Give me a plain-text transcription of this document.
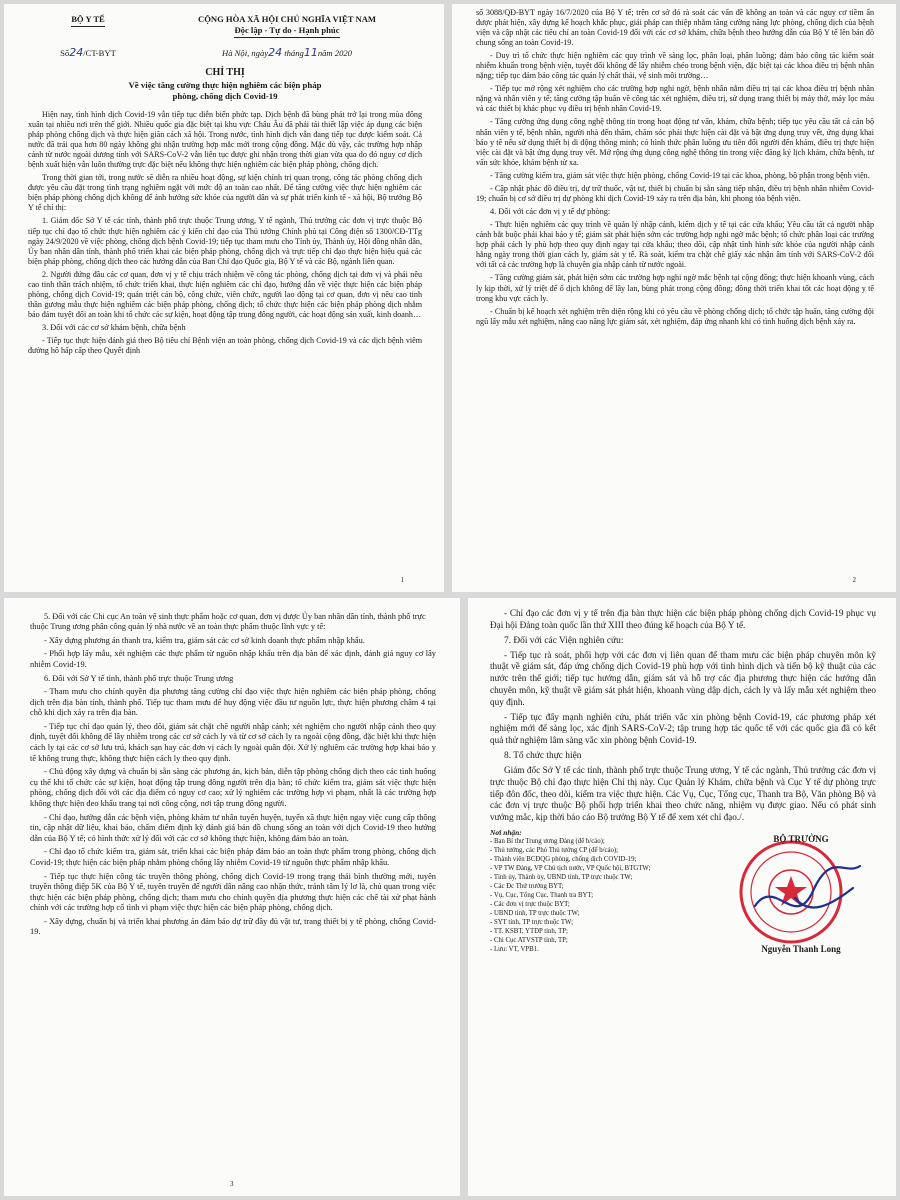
BỘ Y TẾ	CỘNG HÒA XÃ HỘI CHỦ NGHĨA VIỆT NAM
Độc lập - Tự do - Hạnh phúc
Số24/CT-BYT	Hà Nội, ngày24 tháng11năm 2020
CHỈ THỊ
Về việc tăng cường thực hiện nghiêm các biện pháp
phòng, chống dịch Covid-19

Hiện nay, tình hình dịch Covid-19 vẫn tiếp tục diễn biến phức tạp. Dịch bệnh đã bùng phát trở lại trong mùa đông xuân tại nhiều nơi trên thế giới. Nhiều quốc gia đặc biệt tại khu vực Châu Âu đã phải tái thiết lập việc áp dụng các biện pháp phòng chống dịch và thực hiện giãn cách xã hội. Trong nước, tình hình dịch vẫn đang tiếp tục được kiểm soát. Cả nước đã trải qua hơn 80 ngày không ghi nhận trường hợp mắc mới trong cộng đồng. Mặc dù vậy, các trường hợp nhập cảnh từ nước ngoài dương tính với SARS-CoV-2 vẫn liên tục được ghi nhận trong thời gian vừa qua do đó nguy cơ dịch bệnh xuất hiện vẫn luôn thường trực đặc biệt nếu không thực hiện nghiêm các biện pháp phòng, chống dịch.

Trong thời gian tới, trong nước sẽ diễn ra nhiều hoạt động, sự kiện chính trị quan trọng, công tác phòng chống dịch được yêu cầu đặt trong tình trạng nghiêm ngặt với mức độ an toàn cao nhất. Để tăng cường việc thực hiện nghiêm các biện pháp phòng chống dịch không để ảnh hưởng sức khỏe của người dân và sự phát triển kinh tế - xã hội, Bộ trưởng Bộ Y tế chỉ thị:

1. Giám đốc Sở Y tế các tỉnh, thành phố trực thuộc Trung ương, Y tế ngành, Thủ trưởng các đơn vị trực thuộc Bộ tiếp tục chỉ đạo tổ chức thực hiện nghiêm các ý kiến chỉ đạo của Thủ tướng Chính phủ tại Công điện số 1300/CĐ-TTg ngày 24/9/2020 về việc phòng, chống dịch bệnh Covid-19; tiếp tục tham mưu cho Tỉnh ủy, Thành ủy, Hội đồng nhân dân, Ủy ban nhân dân tỉnh, thành phố triển khai các biện pháp phòng, chống dịch và trực tiếp chỉ đạo thực hiện hiệu quả các biện pháp phòng, chống dịch theo các hướng dẫn của Ban Chỉ đạo Quốc gia, Bộ Y tế và các Bộ, ngành liên quan.

2. Người đứng đầu các cơ quan, đơn vị y tế chịu trách nhiệm về công tác phòng, chống dịch tại đơn vị và phải nêu cao tinh thần trách nhiệm, tổ chức triển khai, thực hiện nghiêm các chỉ đạo, hướng dẫn về việc thực hiện các biện pháp phòng, chống dịch Covid-19; quán triệt cán bộ, công chức, viên chức, người lao động tại cơ quan, đơn vị nêu cao tinh thần gương mẫu thực hiện nghiêm các biện pháp phòng, chống dịch; tổ chức thực hiện các biện pháp phòng dịch nhằm bảo đảm tuyệt đối an toàn khi tổ chức các sự kiện, hoạt động tập trung đông người, các hoạt động sản xuất, kinh doanh…

3. Đối với các cơ sở khám bệnh, chữa bệnh

- Tiếp tục thực hiện đánh giá theo Bộ tiêu chí Bệnh viện an toàn phòng, chống dịch Covid-19 và các dịch bệnh viêm đường hô hấp cấp theo Quyết định

1

số 3088/QĐ-BYT ngày 16/7/2020 của Bộ Y tế; trên cơ sở đó rà soát các vấn đề không an toàn và các nguy cơ tiềm ẩn được phát hiện, xây dựng kế hoạch khắc phục, giải pháp can thiệp nhằm tăng cường năng lực phòng, chống dịch của bệnh viện và cập nhật các tiêu chí an toàn Covid-19 đối với các cơ sở khám, chữa bệnh theo hướng dẫn của Bộ Y tế lên bản đồ chung sống an toàn Covid-19.

- Duy trì tổ chức thực hiện nghiêm các quy trình về sàng lọc, phân loại, phân luồng; đảm bảo công tác kiểm soát nhiễm khuẩn trong bệnh viện, tuyệt đối không để lây nhiễm chéo trong bệnh viện, đặc biệt tại các khoa điều trị bệnh nhân nặng; tiếp tục đảm bảo công tác quản lý chất thải, vệ sinh môi trường…

- Tiếp tục mở rộng xét nghiệm cho các trường hợp nghi ngờ, bệnh nhân nằm điều trị tại các khoa điều trị bệnh nhân nặng và nhân viên y tế; tăng cường tập huấn về công tác xét nghiệm, điều trị, sử dụng trang thiết bị máy thở, máy lọc máu và các thiết bị khác phục vụ điều trị bệnh nhân Covid-19.

- Tăng cường ứng dụng công nghệ thông tin trong hoạt động tư vấn, khám, chữa bệnh; tiếp tục yêu cầu tất cả cán bộ nhân viên y tế, bệnh nhân, người nhà đến thăm, chăm sóc phải thực hiện cài đặt và bật ứng dụng truy vết, ứng dụng khai báo y tế nếu sử dụng thiết bị di động thông minh; có hình thức phân luồng ưu tiên đối người đến khám, điều trị thực hiện việc cài đặt và bật ứng dụng truy vết. Mở rộng ứng dụng công nghệ thông tin trong việc đăng ký lịch khám, chữa bệnh, tư vấn sức khỏe, khám bệnh từ xa.

- Tăng cường kiểm tra, giám sát việc thực hiện phòng, chống Covid-19 tại các khoa, phòng, bộ phận trong bệnh viện.

- Cập nhật phác đồ điều trị, dự trữ thuốc, vật tư, thiết bị chuẩn bị sẵn sàng tiếp nhận, điều trị bệnh nhân nhiễm Covid-19; chuẩn bị cơ sở điều trị dự phòng khi dịch Covid-19 xảy ra trên địa bàn, khi phong tỏa bệnh viện.

4. Đối với các đơn vị y tế dự phòng:

- Thực hiện nghiêm các quy trình về quản lý nhập cảnh, kiểm dịch y tế tại các cửa khẩu; Yêu cầu tất cả người nhập cảnh bắt buộc phải khai báo y tế; giám sát phát hiện sớm các trường hợp nghi ngờ mắc bệnh; tổ chức phân loại các trường hợp phải cách ly phù hợp theo quy định ngay tại cửa khẩu; theo dõi, cập nhật tình hình sức khỏe của người nhập cảnh hằng ngày trong thời gian cách ly, giám sát y tế. Rà soát, kiểm tra chặt chẽ giấy xác nhận âm tính với SARS-CoV-2 đối với tất cả các trường hợp là chuyên gia nhập cảnh từ nước ngoài.

- Tăng cường giám sát, phát hiện sớm các trường hợp nghi ngờ mắc bệnh tại cộng đồng; thực hiện khoanh vùng, cách ly kịp thời, xử lý triệt để ổ dịch không để lây lan, bùng phát trong cộng đồng; đồng thời triển khai tốt các hoạt động y tế trong khu vực cách ly.

- Chuẩn bị kế hoạch xét nghiệm trên diện rộng khi có yêu cầu về phòng chống dịch; tổ chức tập huấn, tăng cường đội ngũ lấy mẫu xét nghiệm, nâng cao năng lực giám sát, xét nghiệm, đáp ứng nhanh khi có tình huống dịch bệnh xảy ra.

2

5. Đối với các Chi cục An toàn vệ sinh thực phẩm hoặc cơ quan, đơn vị được Ủy ban nhân dân tỉnh, thành phố trực thuộc Trung ương phân công quản lý nhà nước về an toàn thực phẩm thuộc lĩnh vực y tế:

- Xây dựng phương án thanh tra, kiểm tra, giám sát các cơ sở kinh doanh thực phẩm nhập khẩu.

- Phối hợp lấy mẫu, xét nghiệm các thực phẩm từ nguồn nhập khẩu trên địa bàn để xác định, đánh giá nguy cơ lây nhiễm Covid-19.

6. Đối với Sở Y tế tỉnh, thành phố trực thuộc Trung ương

- Tham mưu cho chính quyền địa phương tăng cường chỉ đạo việc thực hiện nghiêm các biện pháp phòng, chống dịch trên địa bàn tỉnh, thành phố. Tiếp tục tham mưu để huy động việc đầu tư nguồn lực, thực hiện phương châm 4 tại chỗ khi dịch xảy ra trên địa bàn.

- Tiếp tục chỉ đạo quản lý, theo dõi, giám sát chặt chẽ người nhập cảnh; xét nghiệm cho người nhập cảnh theo quy định, tuyệt đối không để lây nhiễm trong các cơ sở cách ly và từ cơ sở cách ly ra ngoài cộng đồng, đặc biệt khi thực hiện cách ly tại các cơ sở lưu trú, khách sạn hay các đơn vị cách ly ngoài quân đội. Xử lý nghiêm các trường hợp khai báo y tế không trung thực, không thực hiện cách ly theo quy định.

- Chủ động xây dựng và chuẩn bị sẵn sàng các phương án, kịch bản, diễn tập phòng chống dịch theo các tình huống cụ thể khi tổ chức các sự kiện, hoạt động tập trung đông người trên địa bàn; tổ chức kiểm tra, giám sát việc thực hiện phòng, chống dịch đối với các địa điểm có nguy cơ cao; xử lý nghiêm các trường hợp vi phạm, nhất là các trường hợp không thực hiện đeo khẩu trang tại nơi công cộng, nơi tập trung đông người.

- Chỉ đạo, hướng dẫn các bệnh viện, phòng khám tư nhân tuyến huyện, tuyến xã thực hiện ngay việc cung cấp thông tin, cập nhật dữ liệu, khai báo, chấm điểm định kỳ đánh giá bản đồ chung sống an toàn với dịch Covid-19 theo hướng dẫn của Bộ Y tế; có hình thức xử lý đối với các cơ sở không thực hiện, không đảm bảo an toàn.

- Chỉ đạo tổ chức kiểm tra, giám sát, triển khai các biện pháp đảm bảo an toàn thực phẩm trong phòng, chống dịch Covid-19; thực hiện các biện pháp nhằm phòng chống lây nhiễm Covid-19 từ nguồn thực phẩm nhập khẩu.

- Tiếp tục thực hiện công tác truyền thông phòng, chống dịch Covid-19 trong trạng thái bình thường mới, tuyên truyền thông điệp 5K của Bộ Y tế, tuyên truyền để người dân nâng cao nhận thức, tránh tâm lý lơ là, chủ quan trong việc thực hiện các biện pháp phòng, chống dịch; tham mưu cho chính quyền địa phương thực hiện các chế tài xử phạt hành chính với các trường hợp cố tình vi phạm việc thực hiện các biện pháp phòng, chống dịch.

- Xây dựng, chuẩn bị và triển khai phương án đảm bảo dự trữ đầy đủ vật tư, trang thiết bị y tế phòng, chống Covid-19.

3

- Chỉ đạo các đơn vị y tế trên địa bàn thực hiện các biện pháp phòng chống dịch Covid-19 phục vụ Đại hội Đảng toàn quốc lần thứ XIII theo đúng kế hoạch của Bộ Y tế.

7. Đối với các Viện nghiên cứu:

- Tiếp tục rà soát, phối hợp với các đơn vị liên quan để tham mưu các biện pháp chuyên môn kỹ thuật về giám sát, đáp ứng chống dịch Covid-19 phù hợp với tình hình dịch và tiến bộ kỹ thuật của các nước trên thế giới; tiếp tục hướng dẫn, giám sát và hỗ trợ các địa phương thực hiện các hướng dẫn chuyên môn, kỹ thuật về giám sát phát hiện, khoanh vùng dập dịch, cách ly và lấy mẫu xét nghiệm theo quy định.

- Tiếp tục đẩy mạnh nghiên cứu, phát triển vắc xin phòng bệnh Covid-19, các phương pháp xét nghiệm mới để sàng lọc, xác định SARS-CoV-2; tập trung hợp tác quốc tế với các quốc gia đã có kết quả thử nghiệm lâm sàng vắc xin phòng bệnh Covid-19.

8. Tổ chức thực hiện

Giám đốc Sở Y tế các tỉnh, thành phố trực thuộc Trung ương, Y tế các ngành, Thủ trưởng các đơn vị trực thuộc Bộ chỉ đạo thực hiện Chỉ thị này. Cục Quản lý Khám, chữa bệnh và Cục Y tế dự phòng trực tiếp đôn đốc, theo dõi, kiểm tra việc thực hiện. Các Vụ, Cục, Tổng cục, Thanh tra Bộ, Văn phòng Bộ và các đơn vị trực thuộc Bộ phối hợp triển khai theo chức năng, nhiệm vụ được giao. Nếu có phát sinh vướng mắc, kịp thời báo cáo Bộ trưởng Bộ Y tế để xem xét chỉ đạo./.

Nơi nhận:
- Ban Bí thư Trung ương Đảng (để b/cáo);
- Thủ tướng, các Phó Thủ tướng CP (để b/cáo);
- Thành viên BCĐQG phòng, chống dịch COVID-19;
- VP TW Đảng, VP Chủ tịch nước, VP Quốc hội, BTGTW;
- Tỉnh ủy, Thành ủy, UBND tỉnh, TP trực thuộc TW;
- Các Đc Thứ trưởng BYT;
- Vụ, Cục, Tổng Cục, Thanh tra BYT;
- Các đơn vị trực thuộc BYT;
- UBND tỉnh, TP trực thuộc TW;
- SYT tỉnh, TP trực thuộc TW;
- TT. KSBT, YTDP tỉnh, TP;
- Chi Cục ATVSTP tỉnh, TP;
- Lưu: VT, VPB1.
BỘ TRƯỞNG
Nguyễn Thanh Long
